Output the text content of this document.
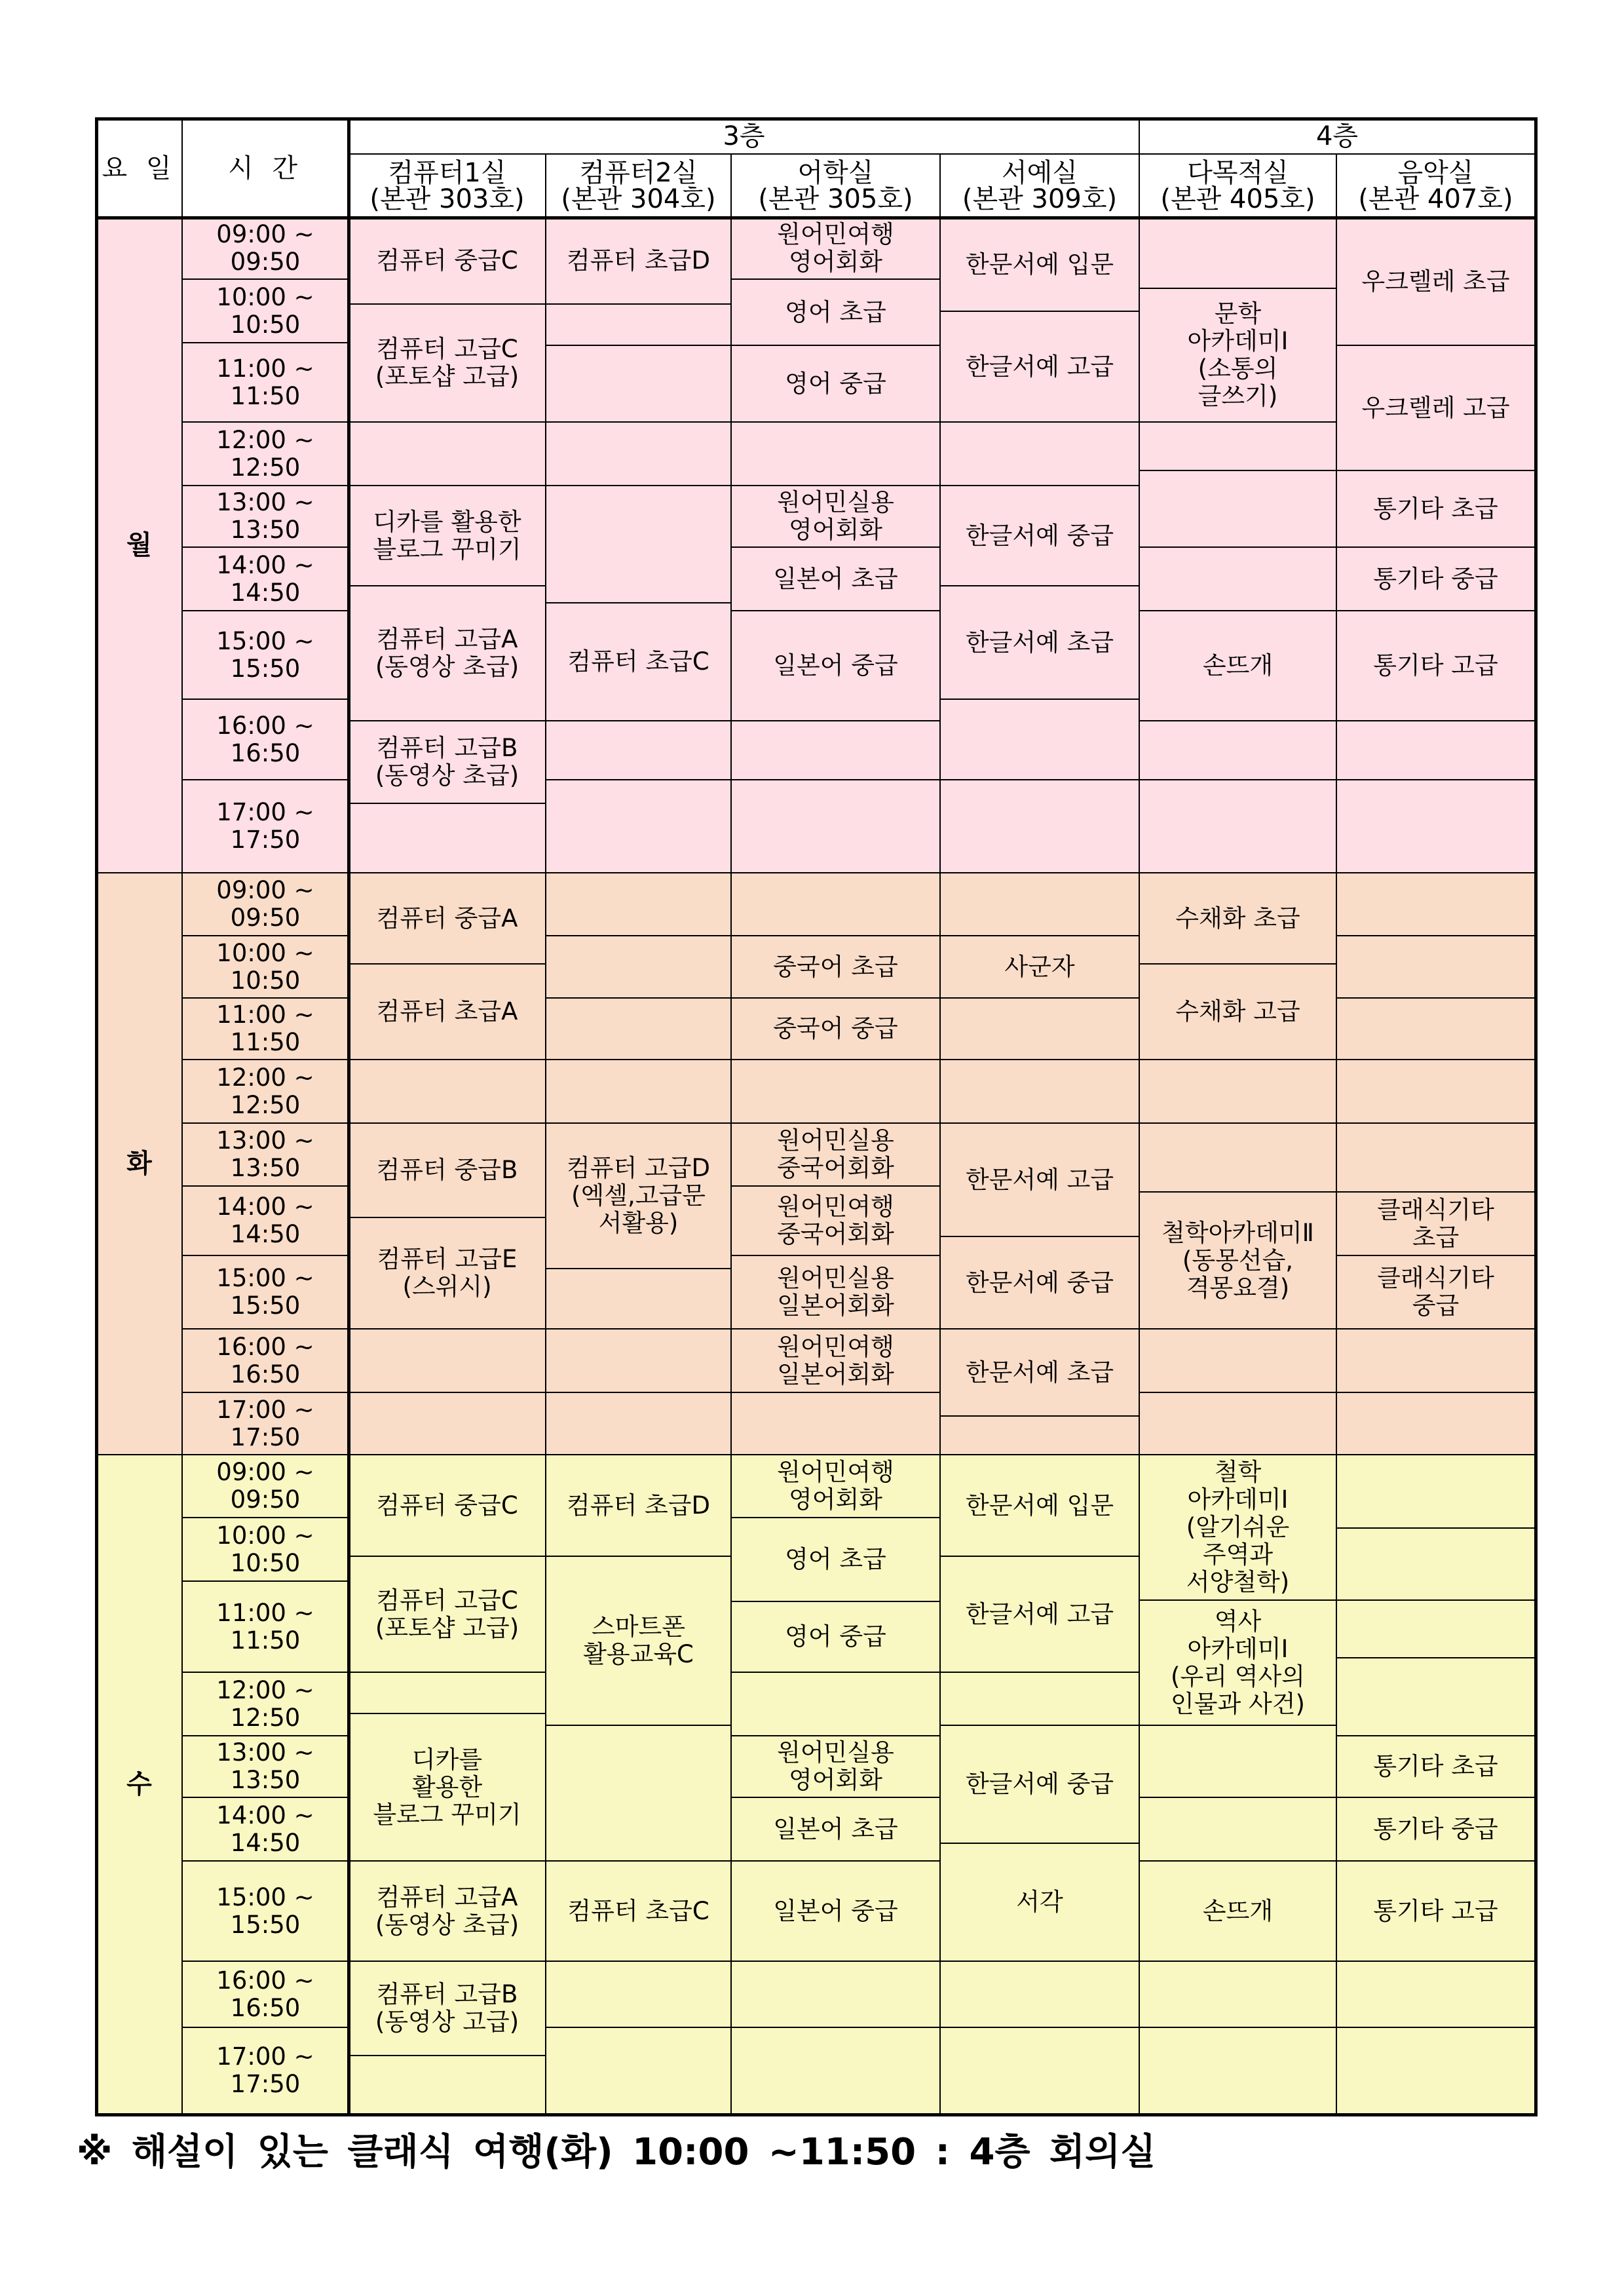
통기타 고급
통기타 중급
통기타 초급
손뜨개
역사
아카데미Ⅰ
(우리 역사의
인물과 사건)
철학
아카데미Ⅰ
(알기쉬운
주역과
서양철학)
서각
한글서예 중급
한글서예 고급
한문서예 입문
일본어 중급
일본어 초급
원어민실용
영어회화
영어 중급
영어 초급
원어민여행
영어회화
컴퓨터 초급C
스마트폰
활용교육C
컴퓨터 초급D
컴퓨터 고급B
(동영상 고급)
컴퓨터 고급A
(동영상 초급)
디카를
활용한
블로그 꾸미기
컴퓨터 고급C
(포토샵 고급)
컴퓨터 중급C
17:00 ~
17:50
16:00 ~
16:50
15:00 ~
15:50
14:00 ~
14:50
13:00 ~
13:50
12:00 ~
12:50
11:00 ~
11:50
10:00 ~
10:50
09:00 ~
09:50
수
클래식기타
중급
클래식기타
초급
철학아카데미Ⅱ
(동몽선습,
격몽요결)
수채화 고급
수채화 초급
한문서예 초급
한문서예 중급
한문서예 고급
사군자
원어민여행
일본어회화
원어민실용
일본어회화
원어민여행
중국어회화
원어민실용
중국어회화
중국어 중급
중국어 초급
컴퓨터 고급D
(엑셀,고급문
서활용)
컴퓨터 고급E
(스위시)
컴퓨터 중급B
컴퓨터 초급A
컴퓨터 중급A
17:00 ~
17:50
16:00 ~
16:50
15:00 ~
15:50
14:00 ~
14:50
13:00 ~
13:50
12:00 ~
12:50
11:00 ~
11:50
10:00 ~
10:50
09:00 ~
09:50
화
통기타 고급
통기타 중급
통기타 초급
우크렐레 고급
우크렐레 초급
손뜨개
문학
아카데미Ⅰ
(소통의
글쓰기)
한글서예 초급
한글서예 중급
한글서예 고급
한문서예 입문
일본어 중급
일본어 초급
원어민실용
영어회화
영어 중급
영어 초급
원어민여행
영어회화
컴퓨터 초급C
컴퓨터 초급D
컴퓨터 고급B
(동영상 초급)
컴퓨터 고급A
(동영상 초급)
디카를 활용한
블로그 꾸미기
컴퓨터 고급C
(포토샵 고급)
컴퓨터 중급C
17:00 ~
17:50
16:00 ~
16:50
15:00 ~
15:50
14:00 ~
14:50
13:00 ~
13:50
12:00 ~
12:50
11:00 ~
11:50
10:00 ~
10:50
09:00 ~
09:50
월
요 일 시 간
3층	4층
컴퓨터1실
(본관 303호)
컴퓨터2실
(본관 304호)
어학실
(본관 305호)
서예실
(본관 309호)
다목적실
(본관 405호)
음악실
(본관 407호)
※ 해설이 있는 클래식 여행(화) 10:00 ~11:50 : 4층 회의실
